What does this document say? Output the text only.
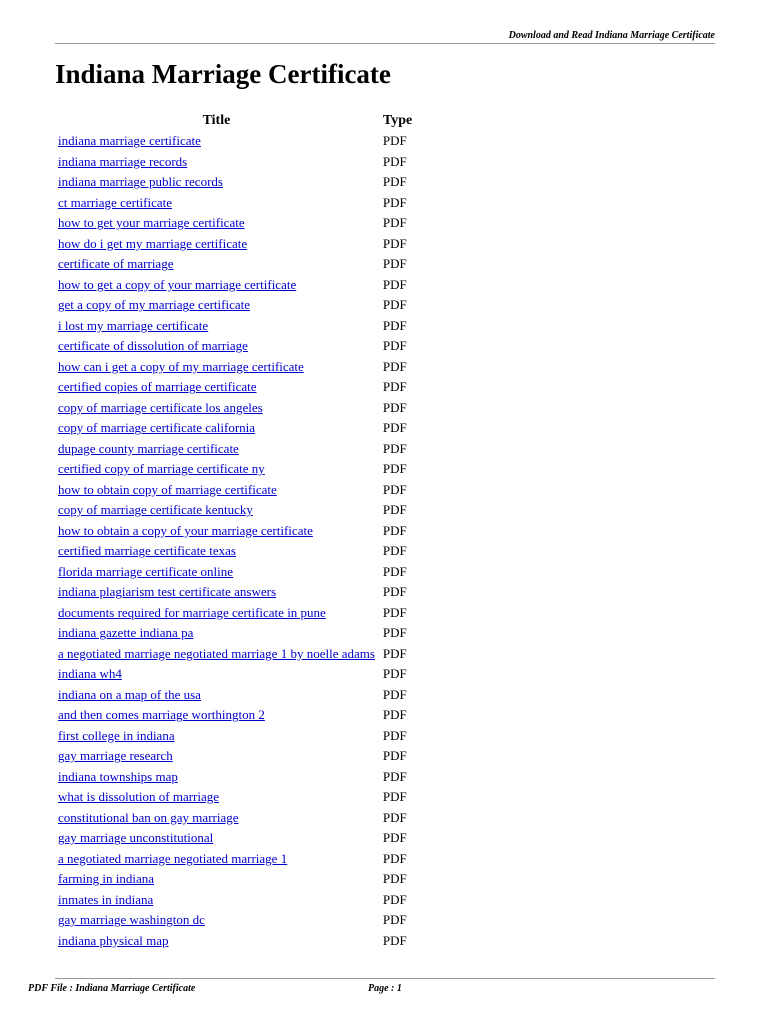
Download and Read Indiana Marriage Certificate
Indiana Marriage Certificate
Title	Type
indiana marriage certificate	PDF
indiana marriage records	PDF
indiana marriage public records	PDF
ct marriage certificate	PDF
how to get your marriage certificate	PDF
how do i get my marriage certificate	PDF
certificate of marriage	PDF
how to get a copy of your marriage certificate	PDF
get a copy of my marriage certificate	PDF
i lost my marriage certificate	PDF
certificate of dissolution of marriage	PDF
how can i get a copy of my marriage certificate	PDF
certified copies of marriage certificate	PDF
copy of marriage certificate los angeles	PDF
copy of marriage certificate california	PDF
dupage county marriage certificate	PDF
certified copy of marriage certificate ny	PDF
how to obtain copy of marriage certificate	PDF
copy of marriage certificate kentucky	PDF
how to obtain a copy of your marriage certificate	PDF
certified marriage certificate texas	PDF
florida marriage certificate online	PDF
indiana plagiarism test certificate answers	PDF
documents required for marriage certificate in pune	PDF
indiana gazette indiana pa	PDF
a negotiated marriage negotiated marriage 1 by noelle adams	PDF
indiana wh4	PDF
indiana on a map of the usa	PDF
and then comes marriage worthington 2	PDF
first college in indiana	PDF
gay marriage research	PDF
indiana townships map	PDF
what is dissolution of marriage	PDF
constitutional ban on gay marriage	PDF
gay marriage unconstitutional	PDF
a negotiated marriage negotiated marriage 1	PDF
farming in indiana	PDF
inmates in indiana	PDF
gay marriage washington dc	PDF
indiana physical map	PDF
PDF File : Indiana Marriage Certificate	Page : 1
